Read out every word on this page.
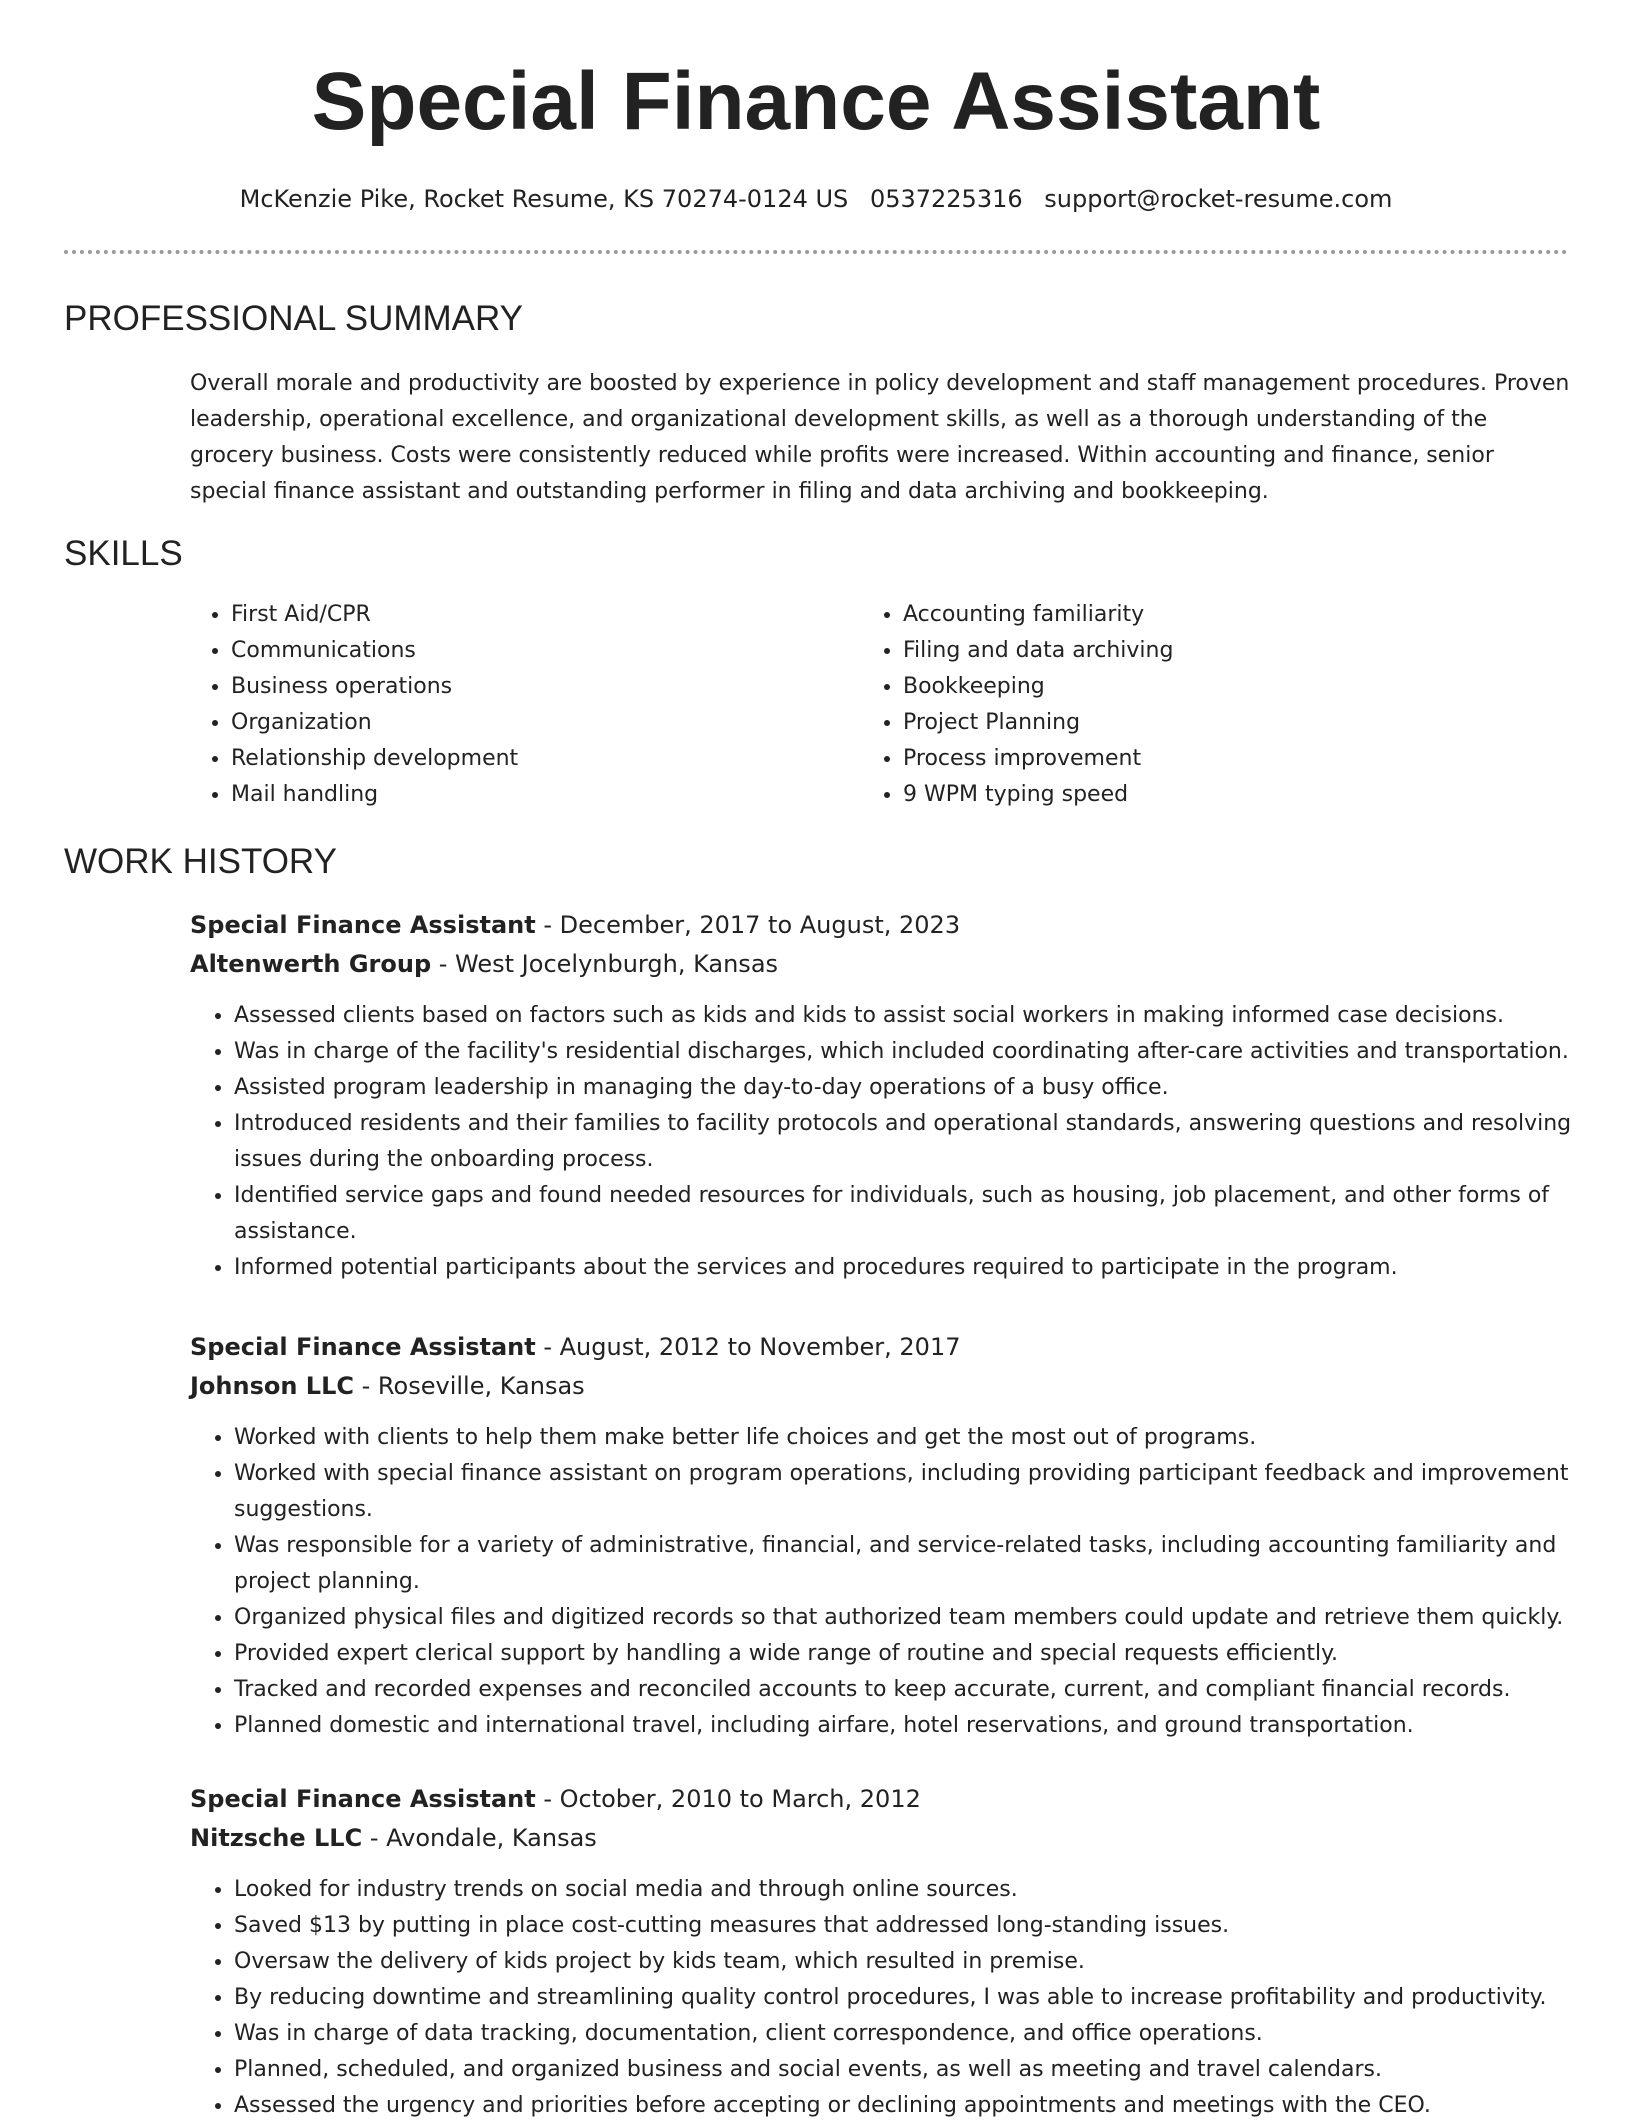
Special Finance Assistant
McKenzie Pike, Rocket Resume, KS 70274-0124 US 0537225316 support@rocket-resume.com
PROFESSIONAL SUMMARY

Overall morale and productivity are boosted by experience in policy development and staff management procedures. Proven leadership, operational excellence, and organizational development skills, as well as a thorough understanding of the grocery business. Costs were consistently reduced while profits were increased. Within accounting and finance, senior special finance assistant and outstanding performer in filing and data archiving and bookkeeping.

SKILLS
• First Aid/CPR
• Communications
• Business operations
• Organization
• Relationship development
• Mail handling
• Accounting familiarity
• Filing and data archiving
• Bookkeeping
• Project Planning
• Process improvement
• 9 WPM typing speed
WORK HISTORY
Special Finance Assistant - December, 2017 to August, 2023
Altenwerth Group - West Jocelynburgh, Kansas
• Assessed clients based on factors such as kids and kids to assist social workers in making informed case decisions.
• Was in charge of the facility's residential discharges, which included coordinating after-care activities and transportation.
• Assisted program leadership in managing the day-to-day operations of a busy office.
• Introduced residents and their families to facility protocols and operational standards, answering questions and resolving issues during the onboarding process.
• Identified service gaps and found needed resources for individuals, such as housing, job placement, and other forms of assistance.
• Informed potential participants about the services and procedures required to participate in the program.
Special Finance Assistant - August, 2012 to November, 2017
Johnson LLC - Roseville, Kansas
• Worked with clients to help them make better life choices and get the most out of programs.
• Worked with special finance assistant on program operations, including providing participant feedback and improvement suggestions.
• Was responsible for a variety of administrative, financial, and service-related tasks, including accounting familiarity and project planning.
• Organized physical files and digitized records so that authorized team members could update and retrieve them quickly.
• Provided expert clerical support by handling a wide range of routine and special requests efficiently.
• Tracked and recorded expenses and reconciled accounts to keep accurate, current, and compliant financial records.
• Planned domestic and international travel, including airfare, hotel reservations, and ground transportation.
Special Finance Assistant - October, 2010 to March, 2012
Nitzsche LLC - Avondale, Kansas
• Looked for industry trends on social media and through online sources.
• Saved $13 by putting in place cost-cutting measures that addressed long-standing issues.
• Oversaw the delivery of kids project by kids team, which resulted in premise.
• By reducing downtime and streamlining quality control procedures, I was able to increase profitability and productivity.
• Was in charge of data tracking, documentation, client correspondence, and office operations.
• Planned, scheduled, and organized business and social events, as well as meeting and travel calendars.
• Assessed the urgency and priorities before accepting or declining appointments and meetings with the CEO.
